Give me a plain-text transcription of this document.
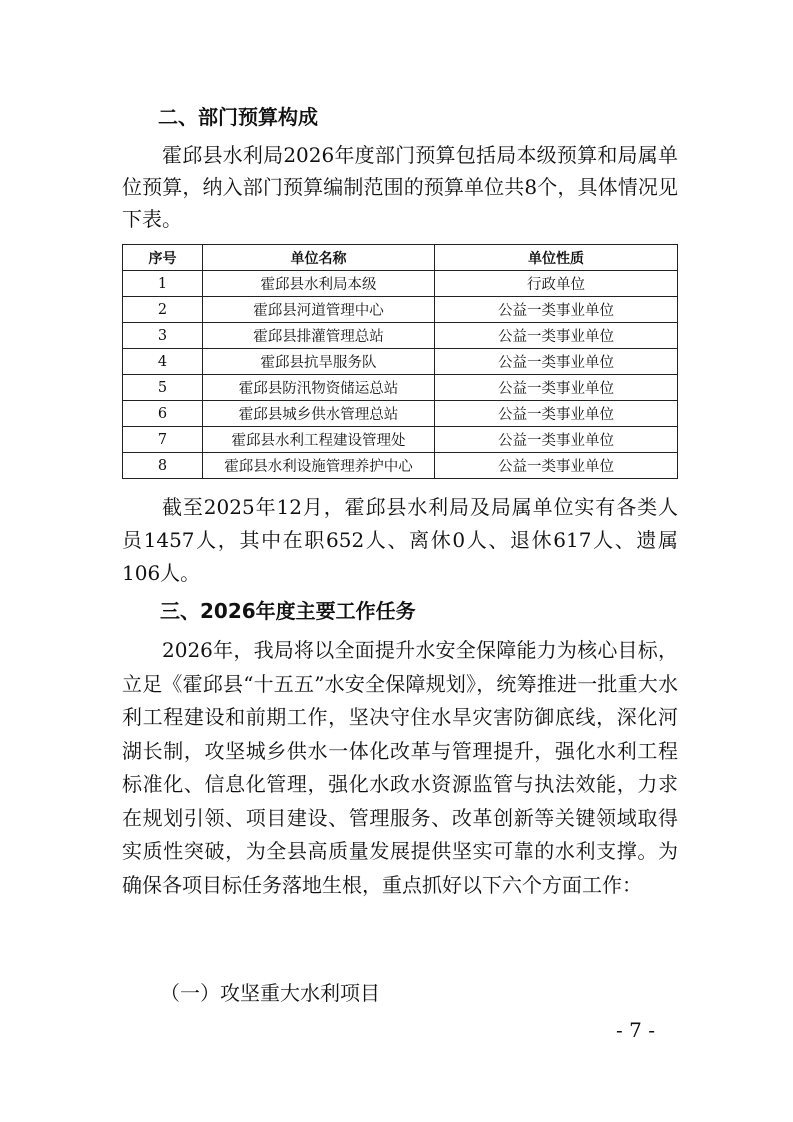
二、部门预算构成
霍邱县水利局2026年度部门预算包括局本级预算和局属单位预算，纳入部门预算编制范围的预算单位共8个，具体情况见下表。
序号	单位名称	单位性质
1	霍邱县水利局本级	行政单位
2	霍邱县河道管理中心	公益一类事业单位
3	霍邱县排灌管理总站	公益一类事业单位
4	霍邱县抗旱服务队	公益一类事业单位
5	霍邱县防汛物资储运总站	公益一类事业单位
6	霍邱县城乡供水管理总站	公益一类事业单位
7	霍邱县水利工程建设管理处	公益一类事业单位
8	霍邱县水利设施管理养护中心	公益一类事业单位
截至2025年12月，霍邱县水利局及局属单位实有各类人员1457人，其中在职652人、离休0人、退休617人、遗属106人。
三、2026年度主要工作任务
2026年，我局将以全面提升水安全保障能力为核心目标，立足《霍邱县“十五五”水安全保障规划》，统筹推进一批重大水利工程建设和前期工作，坚决守住水旱灾害防御底线，深化河湖长制，攻坚城乡供水一体化改革与管理提升，强化水利工程标准化、信息化管理，强化水政水资源监管与执法效能，力求在规划引领、项目建设、管理服务、改革创新等关键领域取得实质性突破，为全县高质量发展提供坚实可靠的水利支撑。为确保各项目标任务落地生根，重点抓好以下六个方面工作：
（一）攻坚重大水利项目
- 7 -
